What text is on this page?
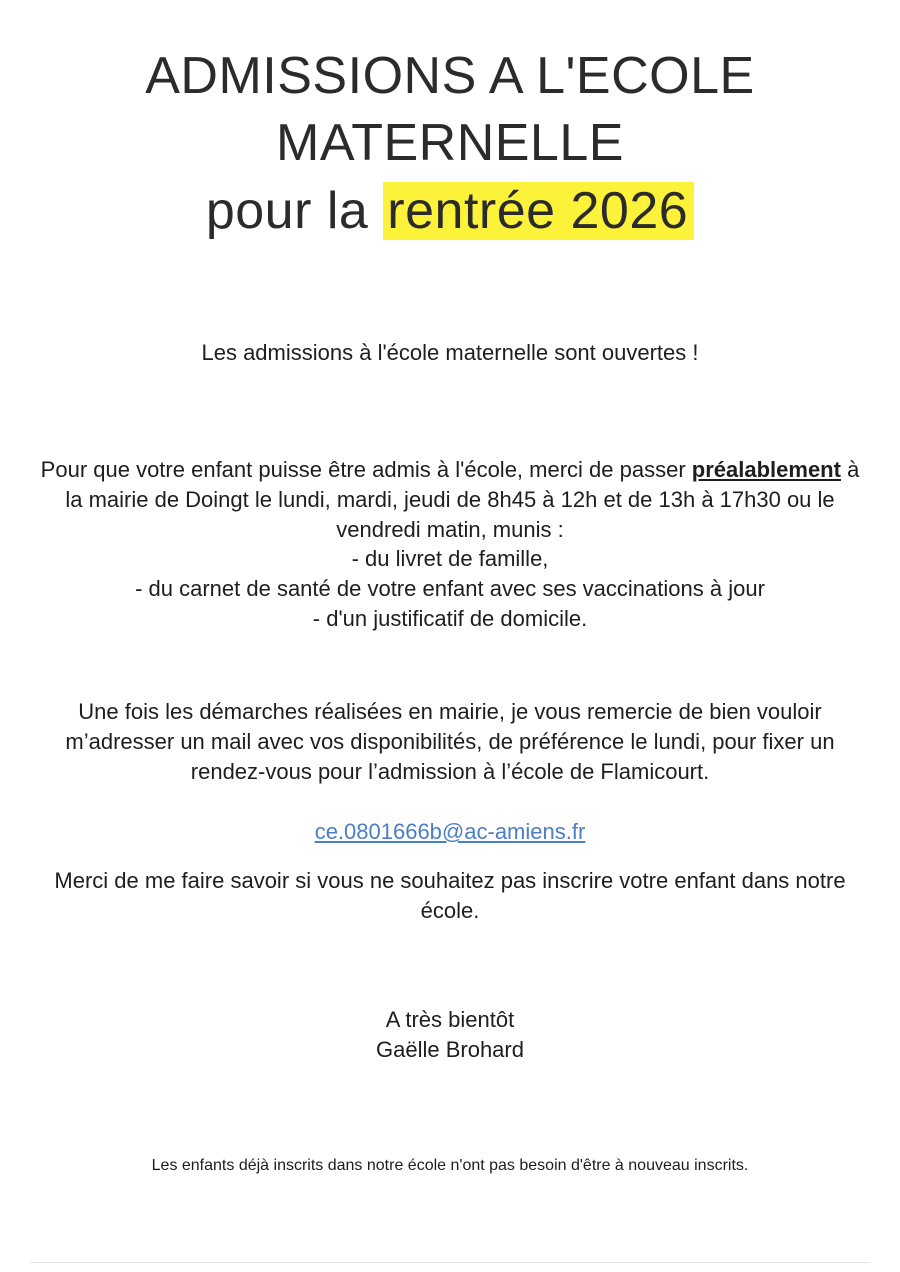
ADMISSIONS A L'ECOLE
MATERNELLE
pour la rentrée 2026
Les admissions à l'école maternelle sont ouvertes !
Pour que votre enfant puisse être admis à l'école, merci de passer préalablement à la mairie de Doingt le lundi, mardi, jeudi de 8h45 à 12h et de 13h à 17h30 ou le vendredi matin, munis :
- du livret de famille,
- du carnet de santé de votre enfant avec ses vaccinations à jour
- d'un justificatif de domicile.
Une fois les démarches réalisées en mairie, je vous remercie de bien vouloir m’adresser un mail avec vos disponibilités, de préférence le lundi, pour fixer un rendez-vous pour l’admission à l’école de Flamicourt.
ce.0801666b@ac-amiens.fr
Merci de me faire savoir si vous ne souhaitez pas inscrire votre enfant dans notre école.
A très bientôt
Gaëlle Brohard
Les enfants déjà inscrits dans notre école n'ont pas besoin d'être à nouveau inscrits.
